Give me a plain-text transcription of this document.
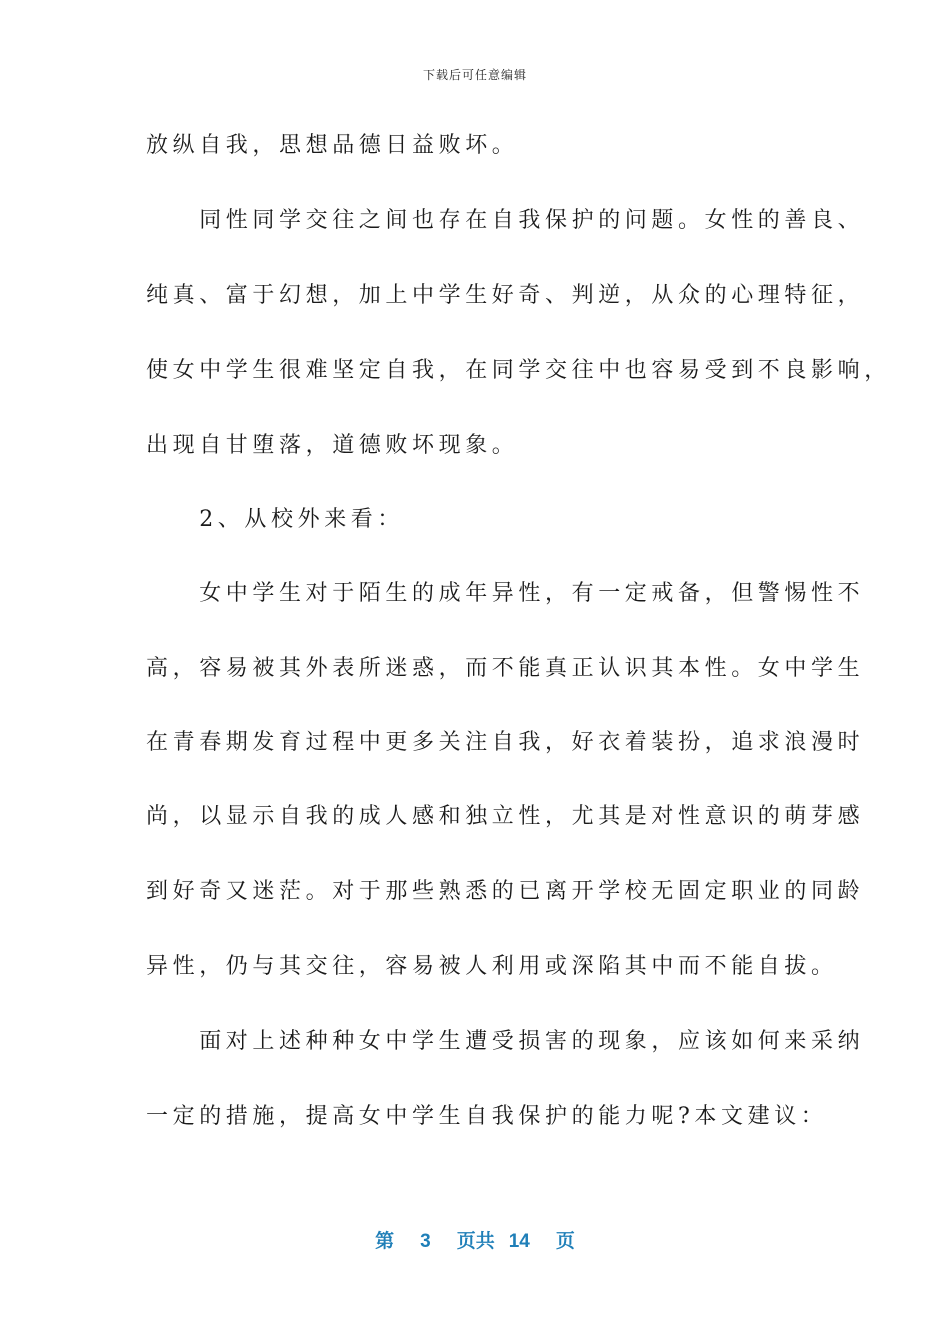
下载后可任意编辑
放纵自我，思想品德日益败坏。
　　同性同学交往之间也存在自我保护的问题。女性的善良、
纯真、富于幻想，加上中学生好奇、判逆，从众的心理特征，
使女中学生很难坚定自我，在同学交往中也容易受到不良影响，
出现自甘堕落，道德败坏现象。
　　2、从校外来看：
　　女中学生对于陌生的成年异性，有一定戒备，但警惕性不
高，容易被其外表所迷惑，而不能真正认识其本性。女中学生
在青春期发育过程中更多关注自我，好衣着装扮，追求浪漫时
尚，以显示自我的成人感和独立性，尤其是对性意识的萌芽感
到好奇又迷茫。对于那些熟悉的已离开学校无固定职业的同龄
异性，仍与其交往，容易被人利用或深陷其中而不能自拔。
　　面对上述种种女中学生遭受损害的现象，应该如何来采纳
一定的措施，提高女中学生自我保护的能力呢?本文建议：
第 3 页共 14 页
